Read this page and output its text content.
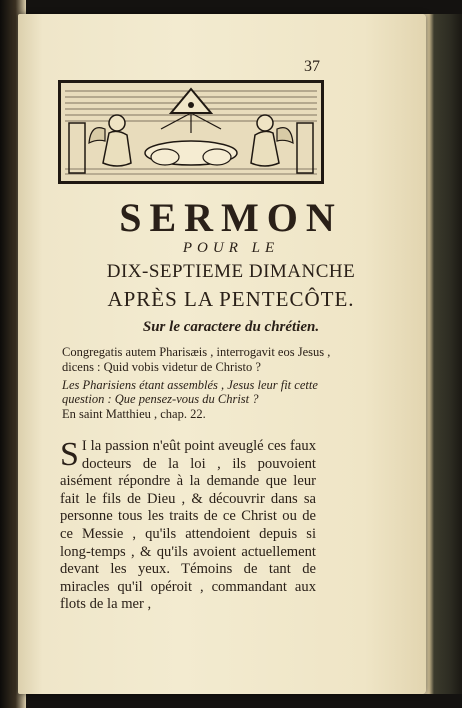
37
SERMON
POUR LE
DIX-SEPTIEME DIMANCHE
APRÈS LA PENTECÔTE.
Sur le caractere du chrétien.
Congregatis autem Pharisæis , interrogavit eos Jesus , dicens : Quid vobis videtur de Christo ?
Les Pharisiens étant assemblés , Jesus leur fit cette question : Que pensez-vous du Christ ?
En saint Matthieu , chap. 22.
S I la passion n'eût point aveuglé ces faux docteurs de la loi , ils pouvoient aisément répondre à la demande que leur fait le fils de Dieu , & découvrir dans sa personne tous les traits de ce Christ ou de ce Messie , qu'ils attendoient depuis si long-temps , & qu'ils avoient actuellement devant les yeux. Témoins de tant de miracles qu'il opéroit , commandant aux flots de la mer ,
